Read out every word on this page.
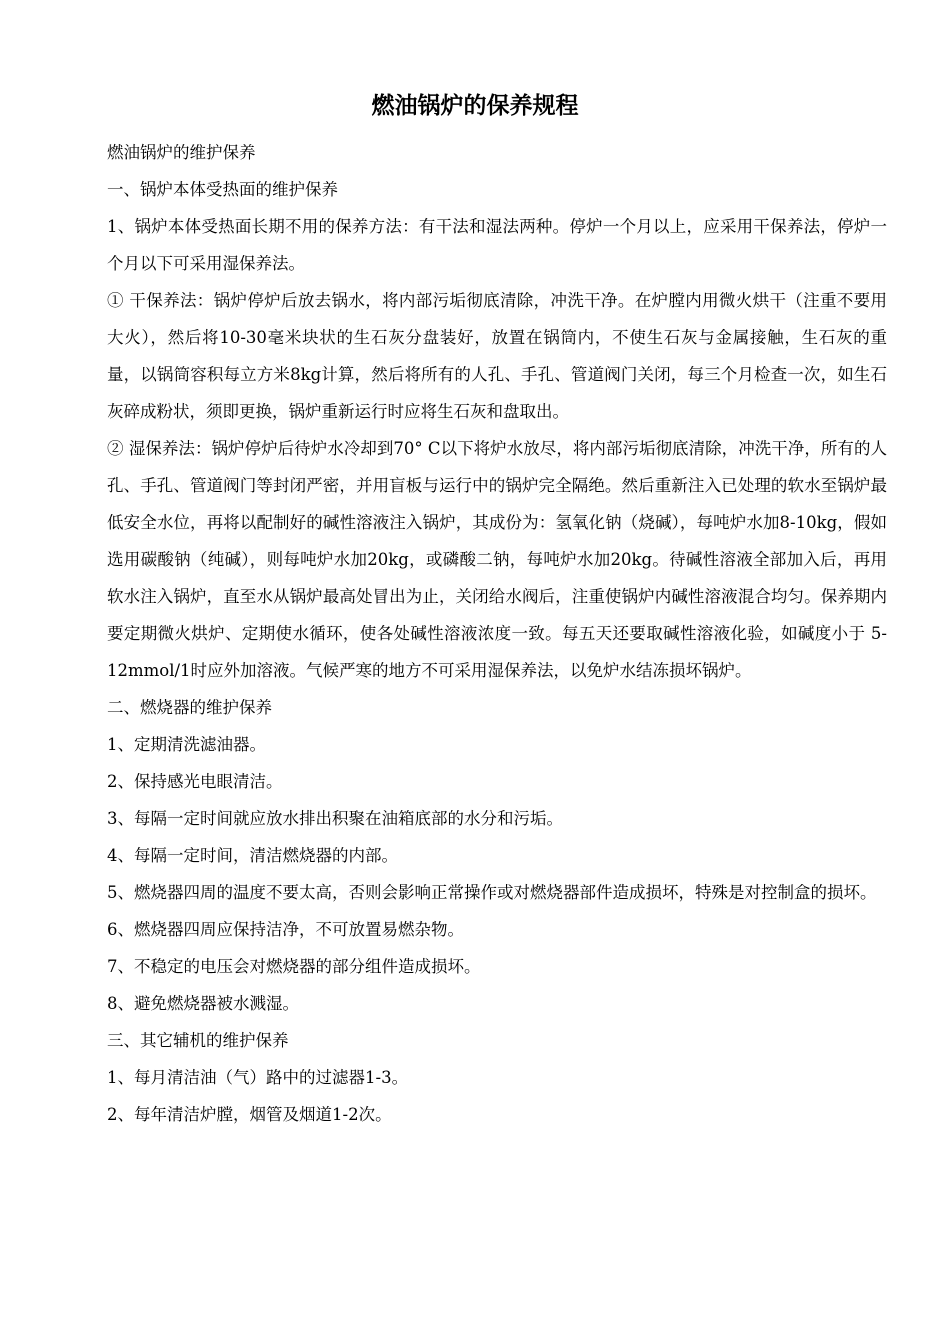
燃油锅炉的保养规程

燃油锅炉的维护保养

一、锅炉本体受热面的维护保养

1、锅炉本体受热面长期不用的保养方法：有干法和湿法两种。停炉一个月以上，应采用干保养法，停炉一个月以下可采用湿保养法。

① 干保养法：锅炉停炉后放去锅水，将内部污垢彻底清除，冲洗干净。在炉膛内用微火烘干（注重不要用大火），然后将10-30毫米块状的生石灰分盘装好，放置在锅筒内，不使生石灰与金属接触，生石灰的重量，以锅筒容积每立方米8kg计算，然后将所有的人孔、手孔、管道阀门关闭，每三个月检查一次，如生石灰碎成粉状，须即更换，锅炉重新运行时应将生石灰和盘取出。

② 湿保养法：锅炉停炉后待炉水冷却到70° C以下将炉水放尽，将内部污垢彻底清除，冲洗干净，所有的人孔、手孔、管道阀门等封闭严密，并用盲板与运行中的锅炉完全隔绝。然后重新注入已处理的软水至锅炉最低安全水位，再将以配制好的碱性溶液注入锅炉，其成份为：氢氧化钠（烧碱），每吨炉水加8-10kg，假如选用碳酸钠（纯碱），则每吨炉水加20kg，或磷酸二钠，每吨炉水加20kg。待碱性溶液全部加入后，再用软水注入锅炉，直至水从锅炉最高处冒出为止，关闭给水阀后，注重使锅炉内碱性溶液混合均匀。保养期内要定期微火烘炉、定期使水循环，使各处碱性溶液浓度一致。每五天还要取碱性溶液化验，如碱度小于 5-12mmol/1时应外加溶液。气候严寒的地方不可采用湿保养法，以免炉水结冻损坏锅炉。

二、燃烧器的维护保养

1、定期清洗滤油器。

2、保持感光电眼清洁。

3、每隔一定时间就应放水排出积聚在油箱底部的水分和污垢。

4、每隔一定时间，清洁燃烧器的内部。

5、燃烧器四周的温度不要太高，否则会影响正常操作或对燃烧器部件造成损坏，特殊是对控制盒的损坏。

6、燃烧器四周应保持洁净，不可放置易燃杂物。

7、不稳定的电压会对燃烧器的部分组件造成损坏。

8、避免燃烧器被水溅湿。

三、其它辅机的维护保养

1、每月清洁油（气）路中的过滤器1-3。

2、每年清洁炉膛，烟管及烟道1-2次。
